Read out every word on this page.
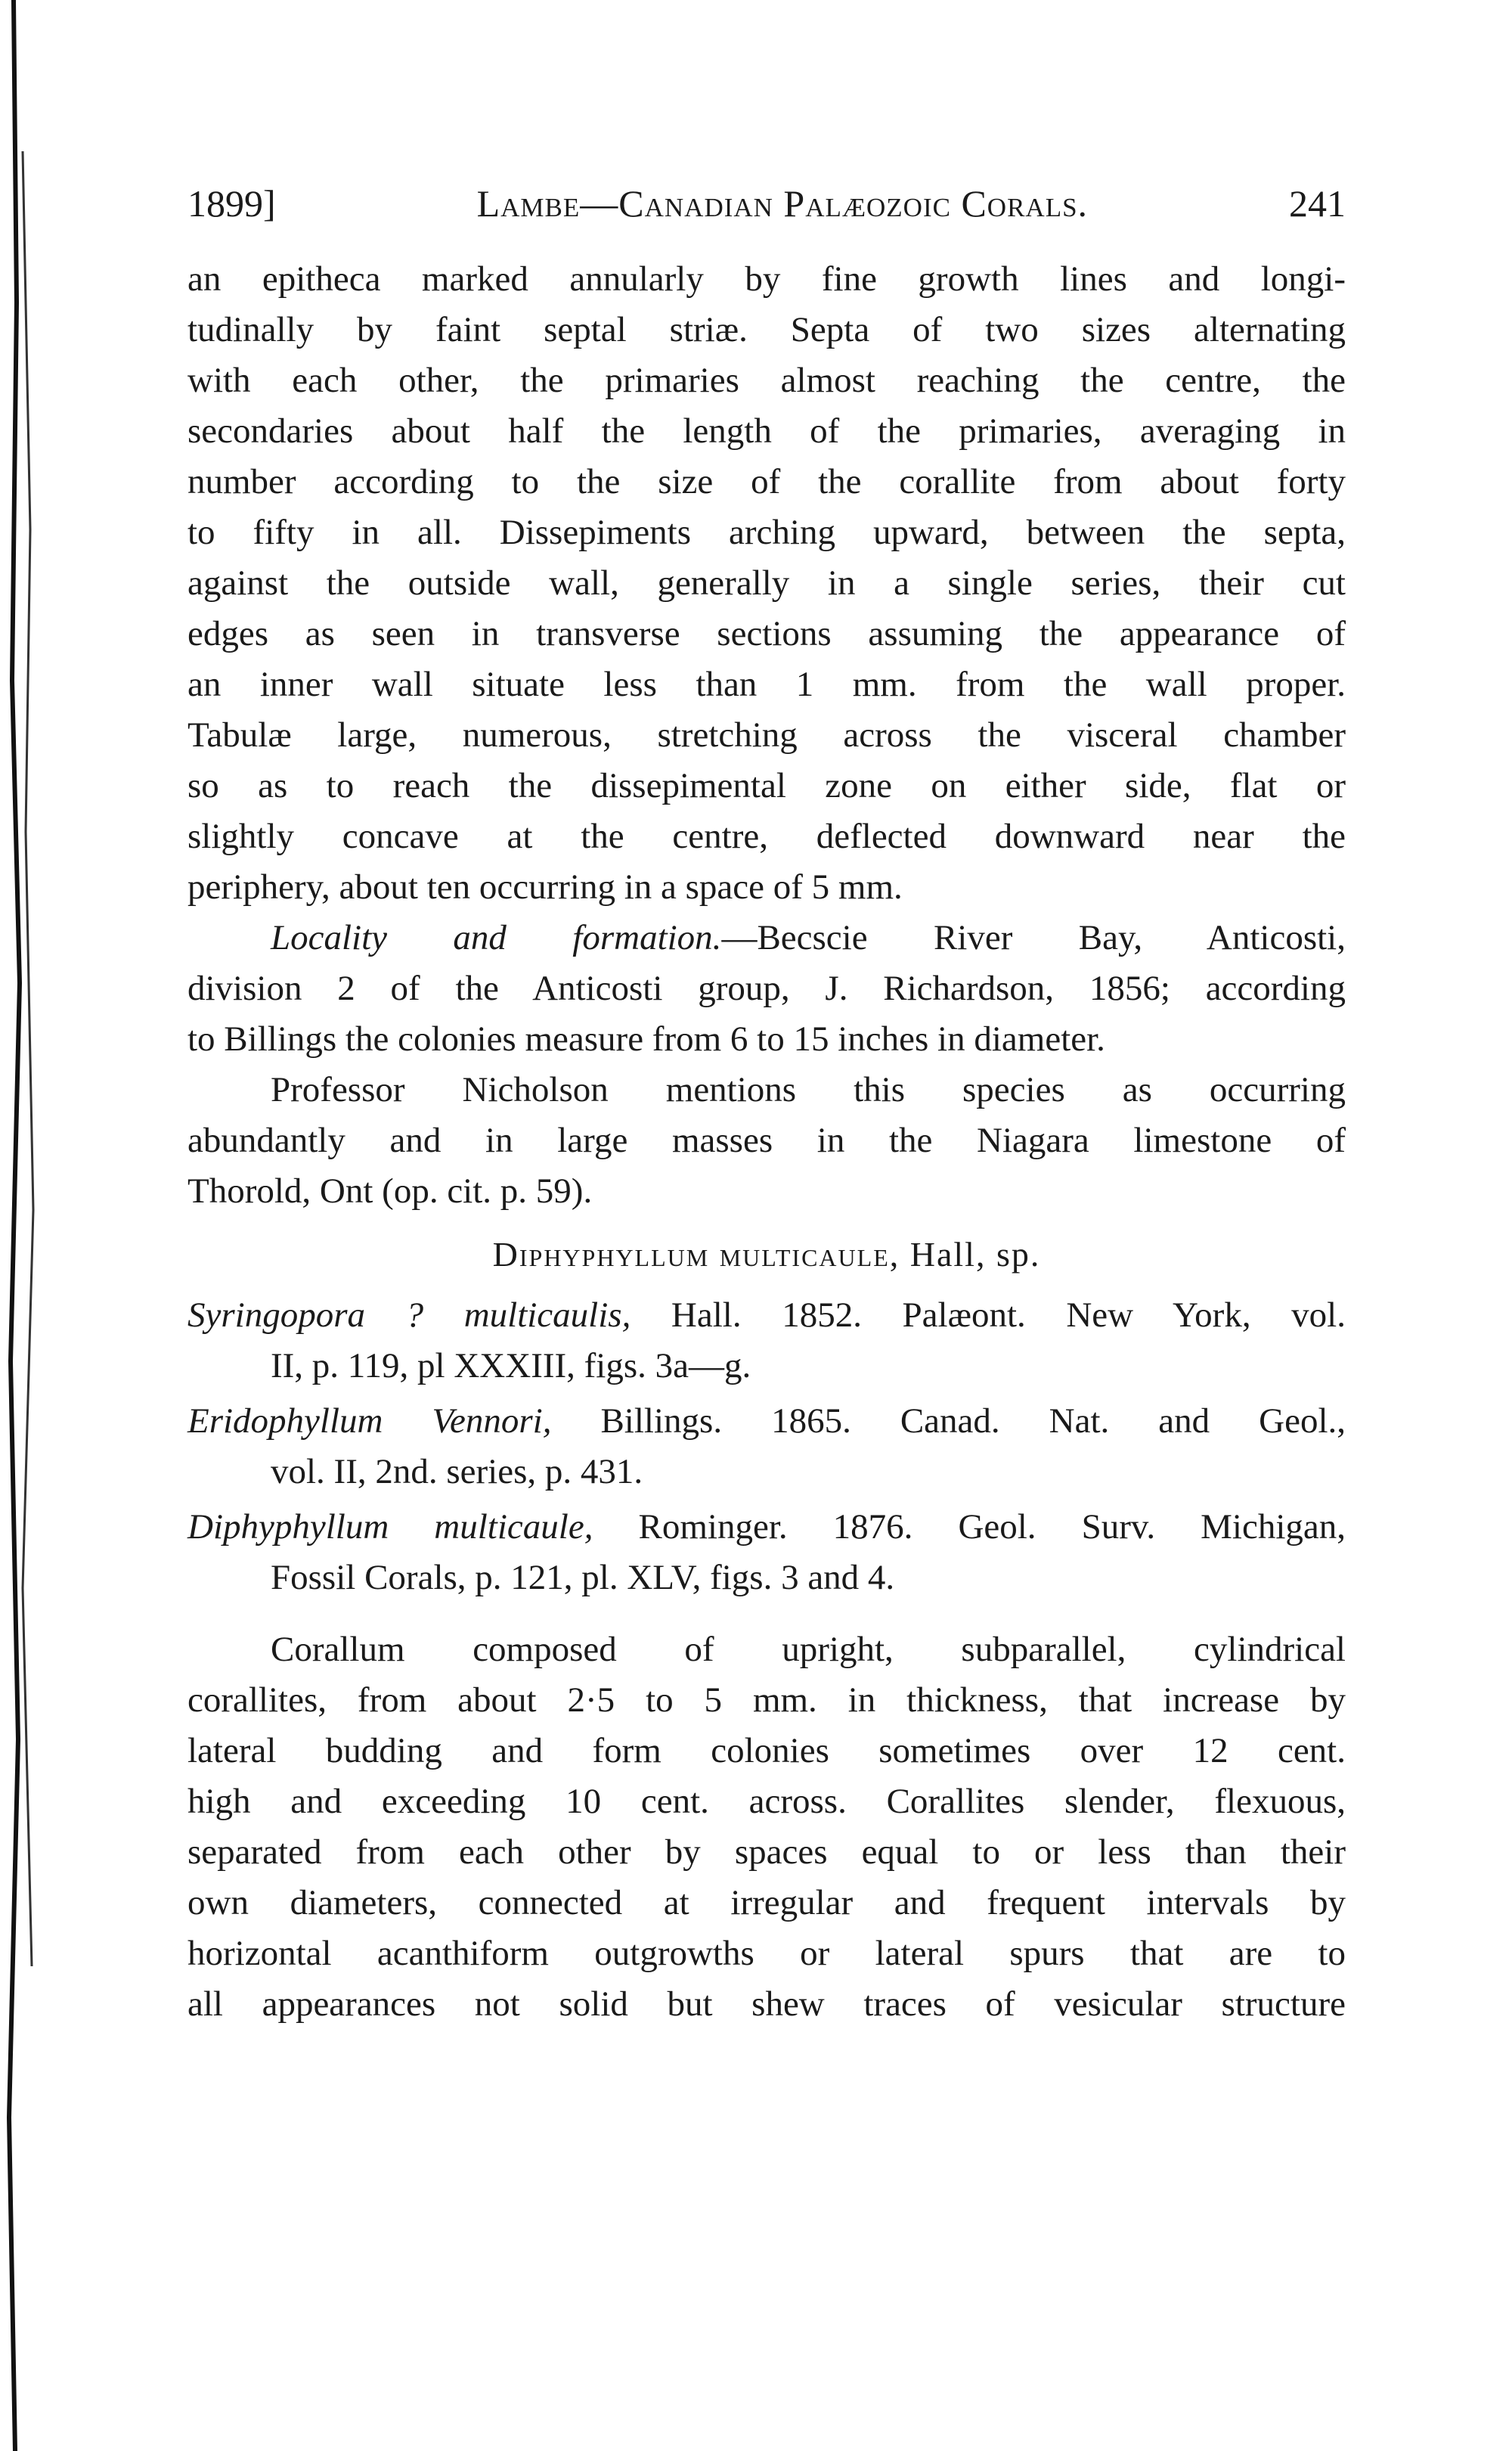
1899]	Lambe—Canadian Palæozoic Corals.	241
an epitheca marked annularly by fine growth lines and longi-
tudinally by faint septal striæ. Septa of two sizes alternating
with each other, the primaries almost reaching the centre, the
secondaries about half the length of the primaries, averaging in
number according to the size of the corallite from about forty
to fifty in all. Dissepiments arching upward, between the septa,
against the outside wall, generally in a single series, their cut
edges as seen in transverse sections assuming the appearance of
an inner wall situate less than 1 mm. from the wall proper.
Tabulæ large, numerous, stretching across the visceral chamber
so as to reach the dissepimental zone on either side, flat or
slightly concave at the centre, deflected downward near the
periphery, about ten occurring in a space of 5 mm.
Locality and formation.—Becscie River Bay, Anticosti,
division 2 of the Anticosti group, J. Richardson, 1856; according
to Billings the colonies measure from 6 to 15 inches in diameter.
Professor Nicholson mentions this species as occurring
abundantly and in large masses in the Niagara limestone of
Thorold, Ont (op. cit. p. 59).
Diphyphyllum multicaule, Hall, sp.
Syringopora ? multicaulis, Hall. 1852. Palæont. New York, vol.
II, p. 119, pl XXXIII, figs. 3a—g.
Eridophyllum Vennori, Billings. 1865. Canad. Nat. and Geol.,
vol. II, 2nd. series, p. 431.
Diphyphyllum multicaule, Rominger. 1876. Geol. Surv. Michigan,
Fossil Corals, p. 121, pl. XLV, figs. 3 and 4.
Corallum composed of upright, subparallel, cylindrical
corallites, from about 2·5 to 5 mm. in thickness, that increase by
lateral budding and form colonies sometimes over 12 cent.
high and exceeding 10 cent. across. Corallites slender, flexuous,
separated from each other by spaces equal to or less than their
own diameters, connected at irregular and frequent intervals by
horizontal acanthiform outgrowths or lateral spurs that are to
all appearances not solid but shew traces of vesicular structure
